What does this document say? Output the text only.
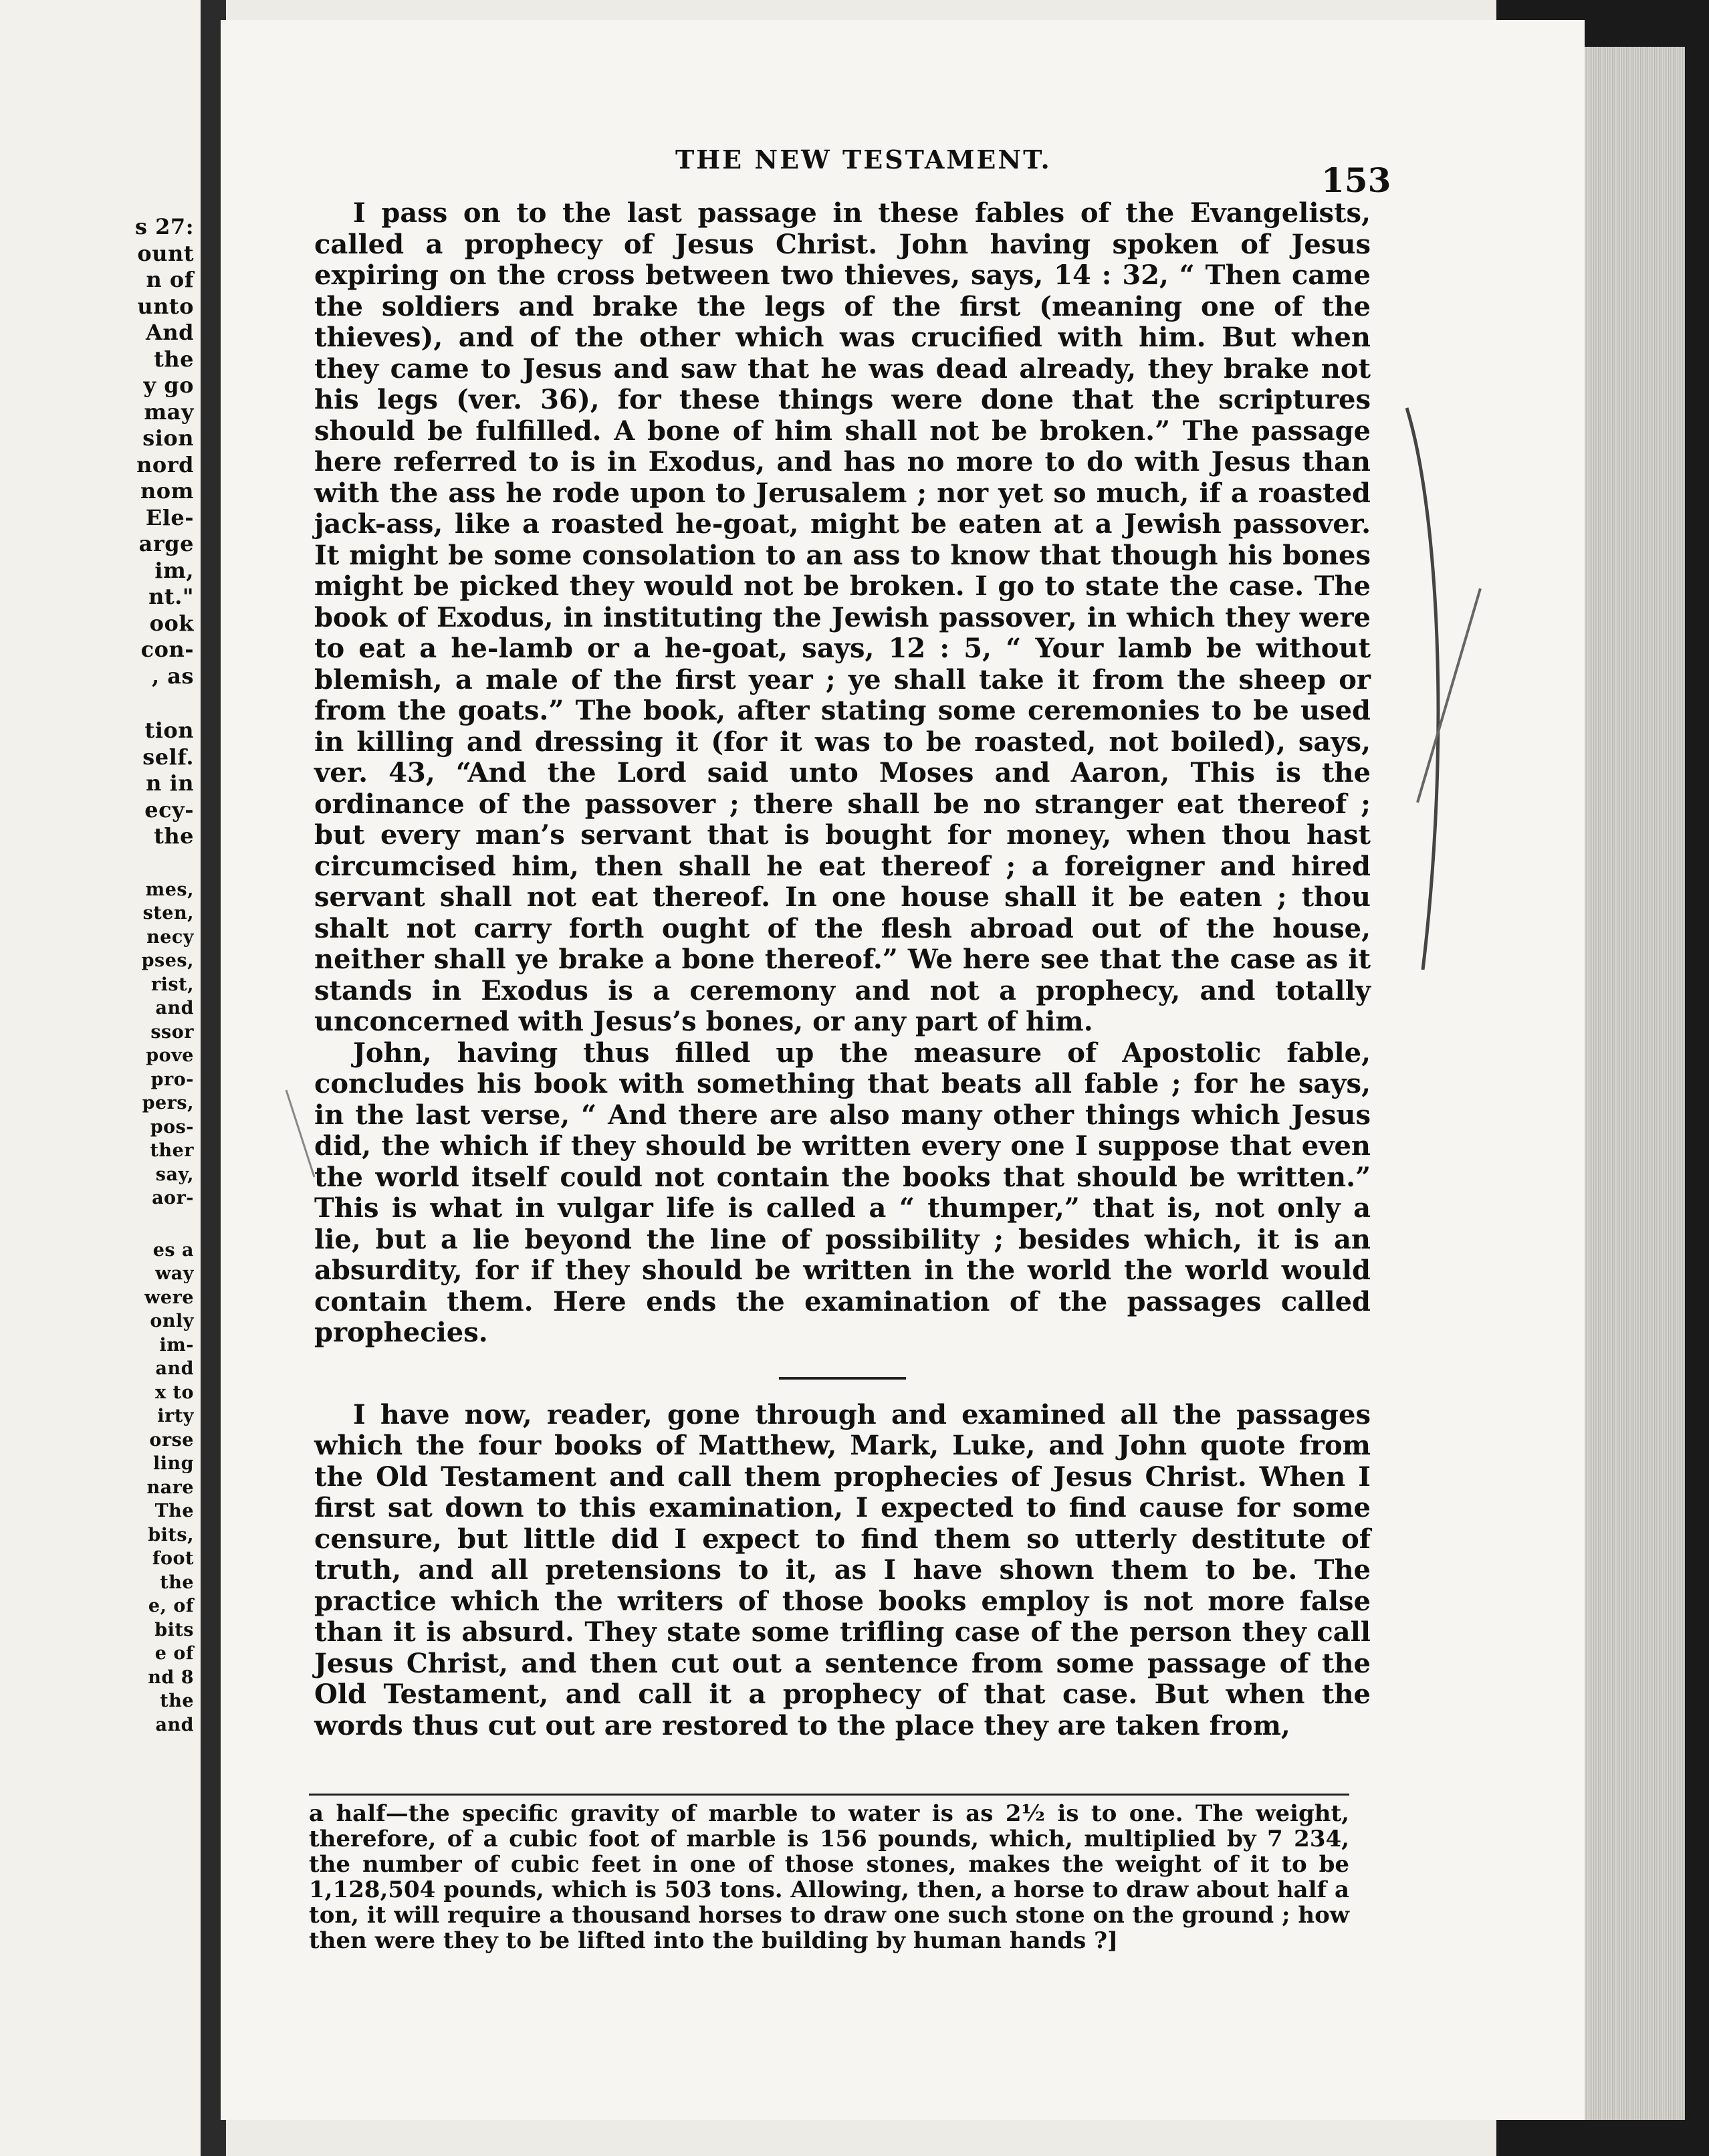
s 27:
ount
n of
unto
And
the
y go
may
sion
nord
nom
Ele-
arge
im,
nt."
ook
con-
, as
tion
self.
n in
ecy-
the
mes,
sten,
necy
pses,
rist,
and
ssor
pove
pro-
pers,
pos-
ther
say,
aor-
es a
way
were
only
im-
and
x to
irty
orse
ling
nare
The
bits,
foot
the
e, of
bits
e of
nd 8
the
and
THE NEW TESTAMENT.
153

I pass on to the last passage in these fables of the Evangelists, called a prophecy of Jesus Christ. John having spoken of Jesus expiring on the cross between two thieves, says, 14 : 32, “ Then came the soldiers and brake the legs of the first (meaning one of the thieves), and of the other which was crucified with him. But when they came to Jesus and saw that he was dead already, they brake not his legs (ver. 36), for these things were done that the scriptures should be fulfilled. A bone of him shall not be broken.” The passage here referred to is in Exodus, and has no more to do with Jesus than with the ass he rode upon to Jerusalem ; nor yet so much, if a roasted jack-ass, like a roasted he-goat, might be eaten at a Jewish passover. It might be some consolation to an ass to know that though his bones might be picked they would not be broken. I go to state the case. The book of Exodus, in instituting the Jewish passover, in which they were to eat a he-lamb or a he-goat, says, 12 : 5, “ Your lamb be without blemish, a male of the first year ; ye shall take it from the sheep or from the goats.” The book, after stating some ceremonies to be used in killing and dressing it (for it was to be roasted, not boiled), says, ver. 43, “And the Lord said unto Moses and Aaron, This is the ordinance of the passover ; there shall be no stranger eat thereof ; but every man’s servant that is bought for money, when thou hast circumcised him, then shall he eat thereof ; a foreigner and hired servant shall not eat thereof. In one house shall it be eaten ; thou shalt not carry forth ought of the flesh abroad out of the house, neither shall ye brake a bone thereof.” We here see that the case as it stands in Exodus is a ceremony and not a prophecy, and totally unconcerned with Jesus’s bones, or any part of him.

John, having thus filled up the measure of Apostolic fable, concludes his book with something that beats all fable ; for he says, in the last verse, “ And there are also many other things which Jesus did, the which if they should be written every one I suppose that even the world itself could not contain the books that should be written.” This is what in vulgar life is called a “ thumper,” that is, not only a lie, but a lie beyond the line of possibility ; besides which, it is an absurdity, for if they should be written in the world the world would contain them. Here ends the examination of the passages called prophecies.

I have now, reader, gone through and examined all the passages which the four books of Matthew, Mark, Luke, and John quote from the Old Testament and call them prophecies of Jesus Christ. When I first sat down to this examination, I expected to find cause for some censure, but little did I expect to find them so utterly destitute of truth, and all pretensions to it, as I have shown them to be. The practice which the writers of those books employ is not more false than it is absurd. They state some trifling case of the person they call Jesus Christ, and then cut out a sentence from some passage of the Old Testament, and call it a prophecy of that case. But when the words thus cut out are restored to the place they are taken from,

a half—the specific gravity of marble to water is as 2½ is to one. The weight, therefore, of a cubic foot of marble is 156 pounds, which, multiplied by 7 234, the number of cubic feet in one of those stones, makes the weight of it to be 1,128,504 pounds, which is 503 tons. Allowing, then, a horse to draw about half a ton, it will require a thousand horses to draw one such stone on the ground ; how then were they to be lifted into the building by human hands ?]
